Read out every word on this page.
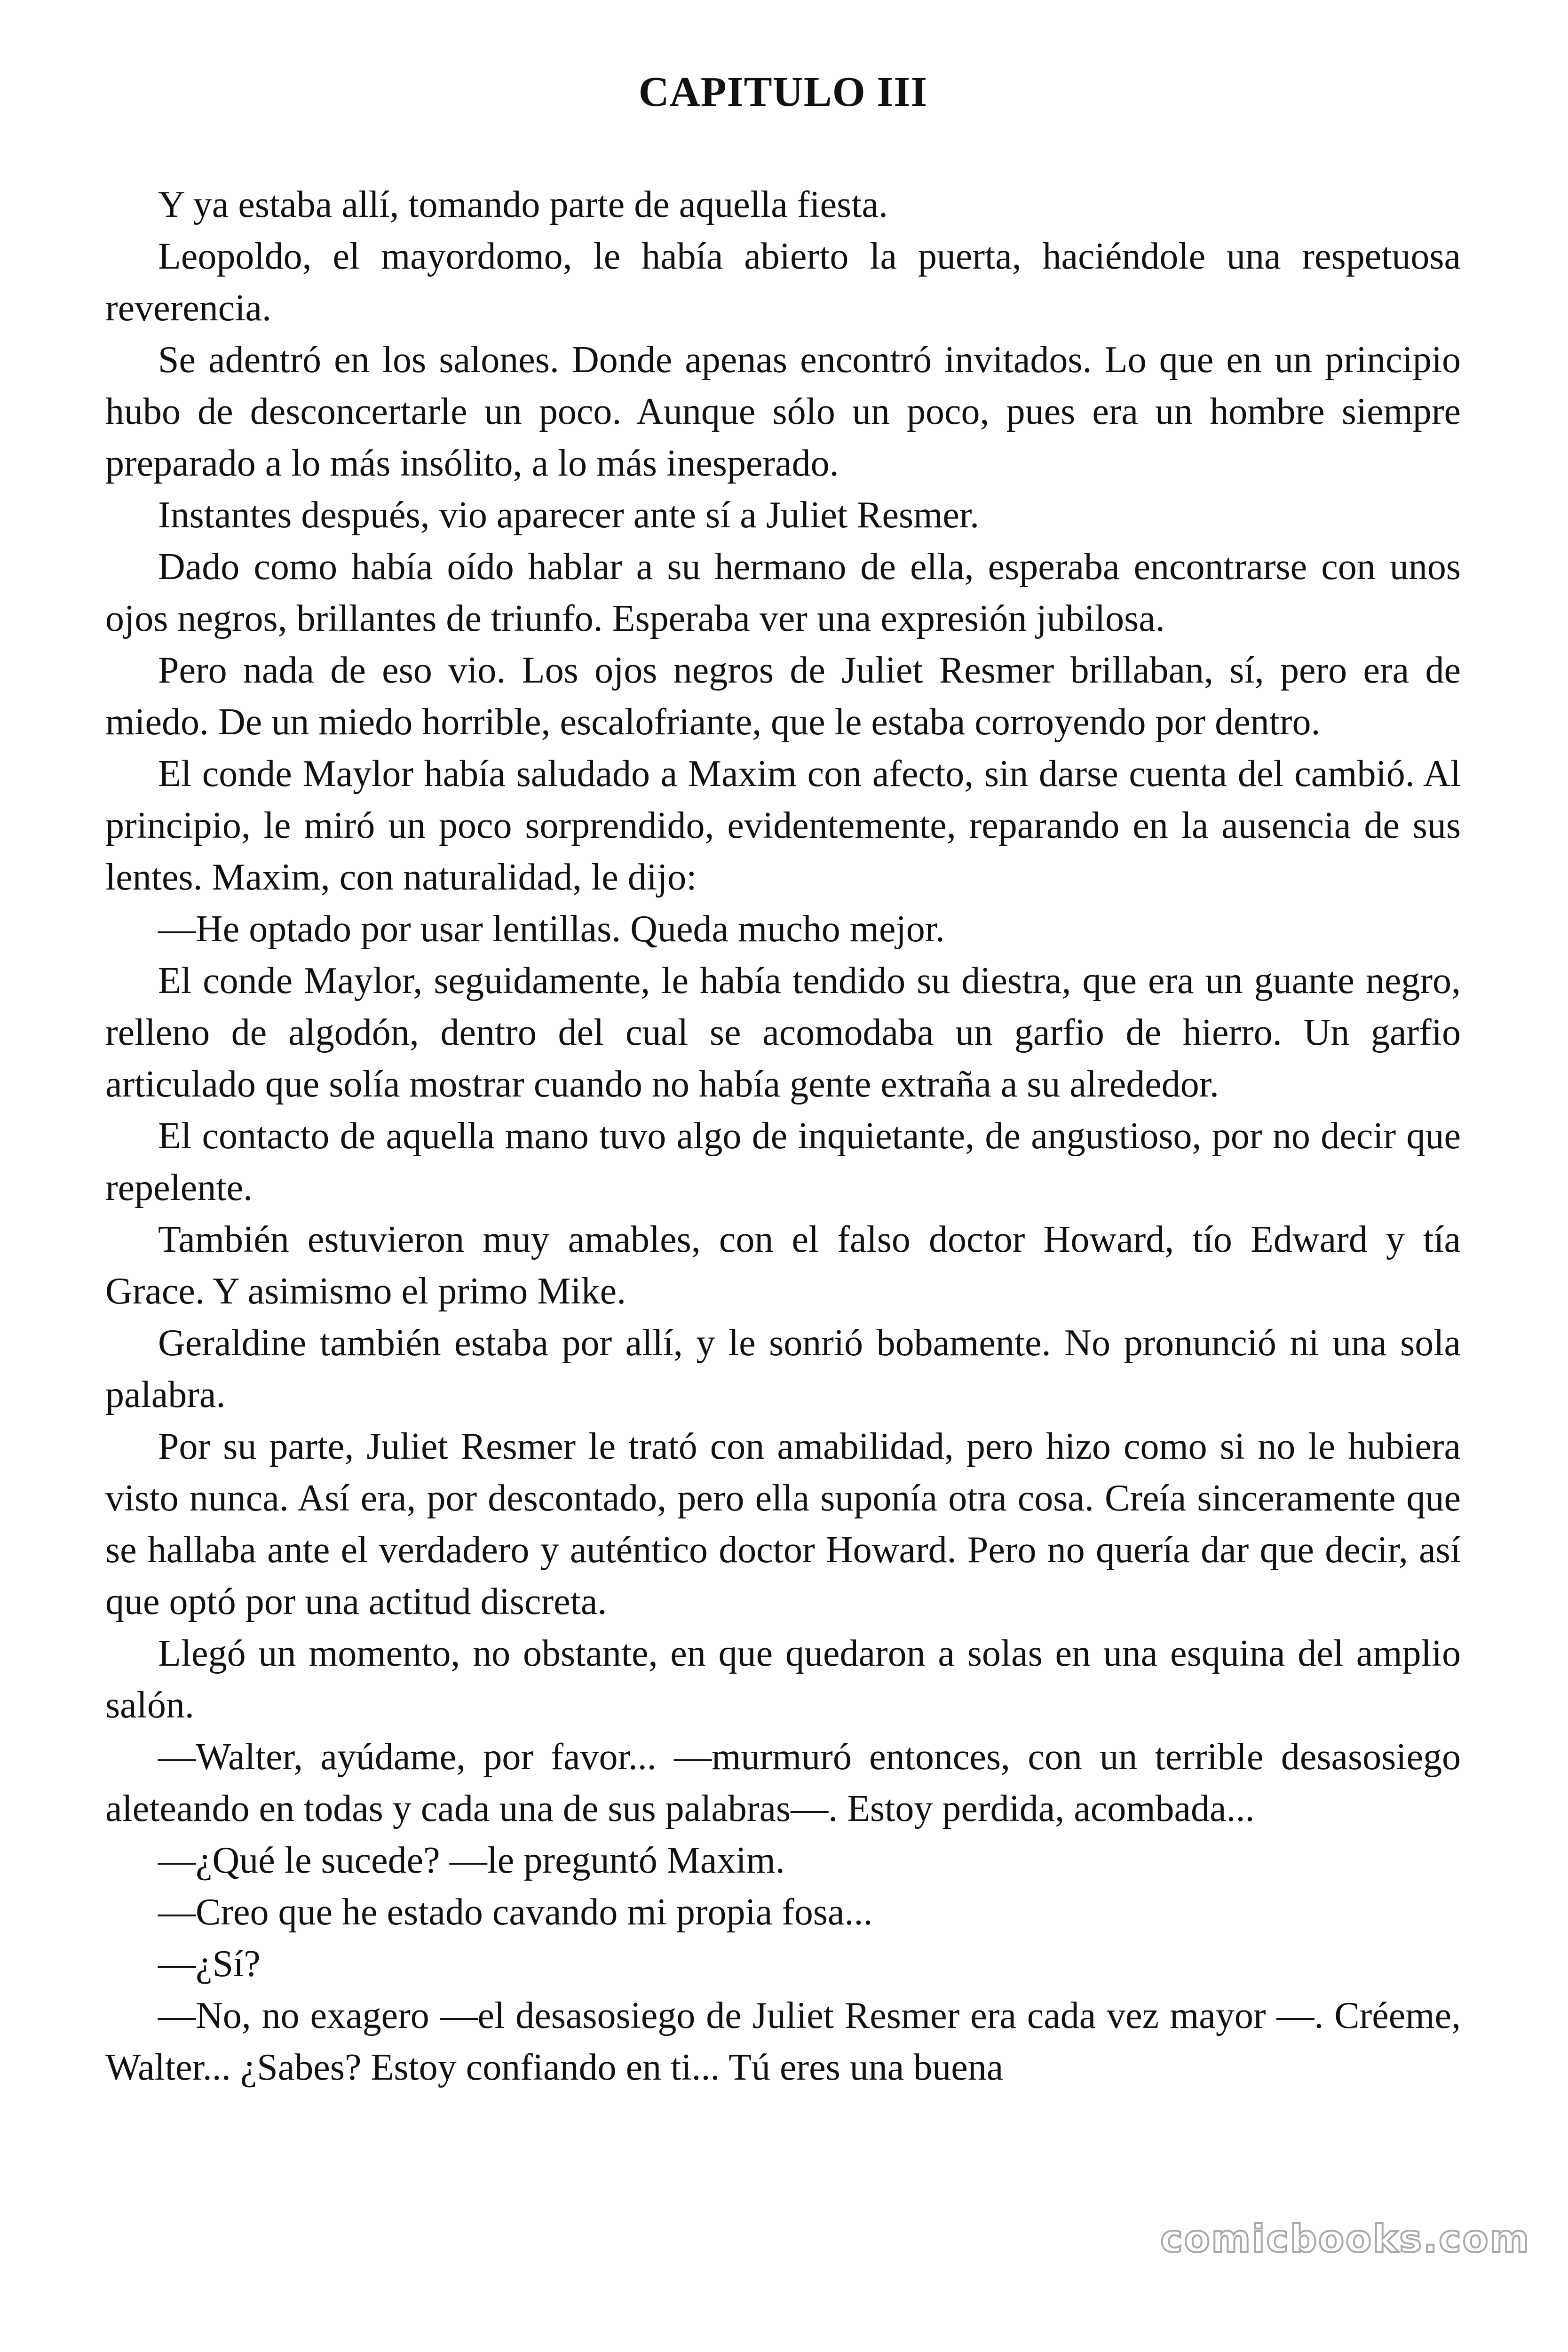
CAPITULO III

Y ya estaba allí, tomando parte de aquella fiesta.

Leopoldo, el mayordomo, le había abierto la puerta, haciéndole una respetuosa reverencia.

Se adentró en los salones. Donde apenas encontró invitados. Lo que en un principio hubo de desconcertarle un poco. Aunque sólo un poco, pues era un hombre siempre preparado a lo más insólito, a lo más inesperado.

Instantes después, vio aparecer ante sí a Juliet Resmer.

Dado como había oído hablar a su hermano de ella, esperaba encontrarse con unos ojos negros, brillantes de triunfo. Esperaba ver una expresión jubilosa.

Pero nada de eso vio. Los ojos negros de Juliet Resmer brillaban, sí, pero era de miedo. De un miedo horrible, escalofriante, que le estaba corroyendo por dentro.

El conde Maylor había saludado a Maxim con afecto, sin darse cuenta del cambió. Al principio, le miró un poco sorprendido, evidentemente, reparando en la ausencia de sus lentes. Maxim, con naturalidad, le dijo:

—He optado por usar lentillas. Queda mucho mejor.

El conde Maylor, seguidamente, le había tendido su diestra, que era un guante negro, relleno de algodón, dentro del cual se acomodaba un garfio de hierro. Un garfio articulado que solía mostrar cuando no había gente extraña a su alrededor.

El contacto de aquella mano tuvo algo de inquietante, de angustioso, por no decir que repelente.

También estuvieron muy amables, con el falso doctor Howard, tío Edward y tía Grace. Y asimismo el primo Mike.

Geraldine también estaba por allí, y le sonrió bobamente. No pronunció ni una sola palabra.

Por su parte, Juliet Resmer le trató con amabilidad, pero hizo como si no le hubiera visto nunca. Así era, por descontado, pero ella suponía otra cosa. Creía sinceramente que se hallaba ante el verdadero y auténtico doctor Howard. Pero no quería dar que decir, así que optó por una actitud discreta.

Llegó un momento, no obstante, en que quedaron a solas en una esquina del amplio salón.

—Walter, ayúdame, por favor... —murmuró entonces, con un terrible desasosiego aleteando en todas y cada una de sus palabras—. Estoy perdida, acombada...

—¿Qué le sucede? —le preguntó Maxim.

—Creo que he estado cavando mi propia fosa...

—¿Sí?

—No, no exagero —el desasosiego de Juliet Resmer era cada vez mayor —. Créeme, Walter... ¿Sabes? Estoy confiando en ti... Tú eres una buena

comicbooks.com
